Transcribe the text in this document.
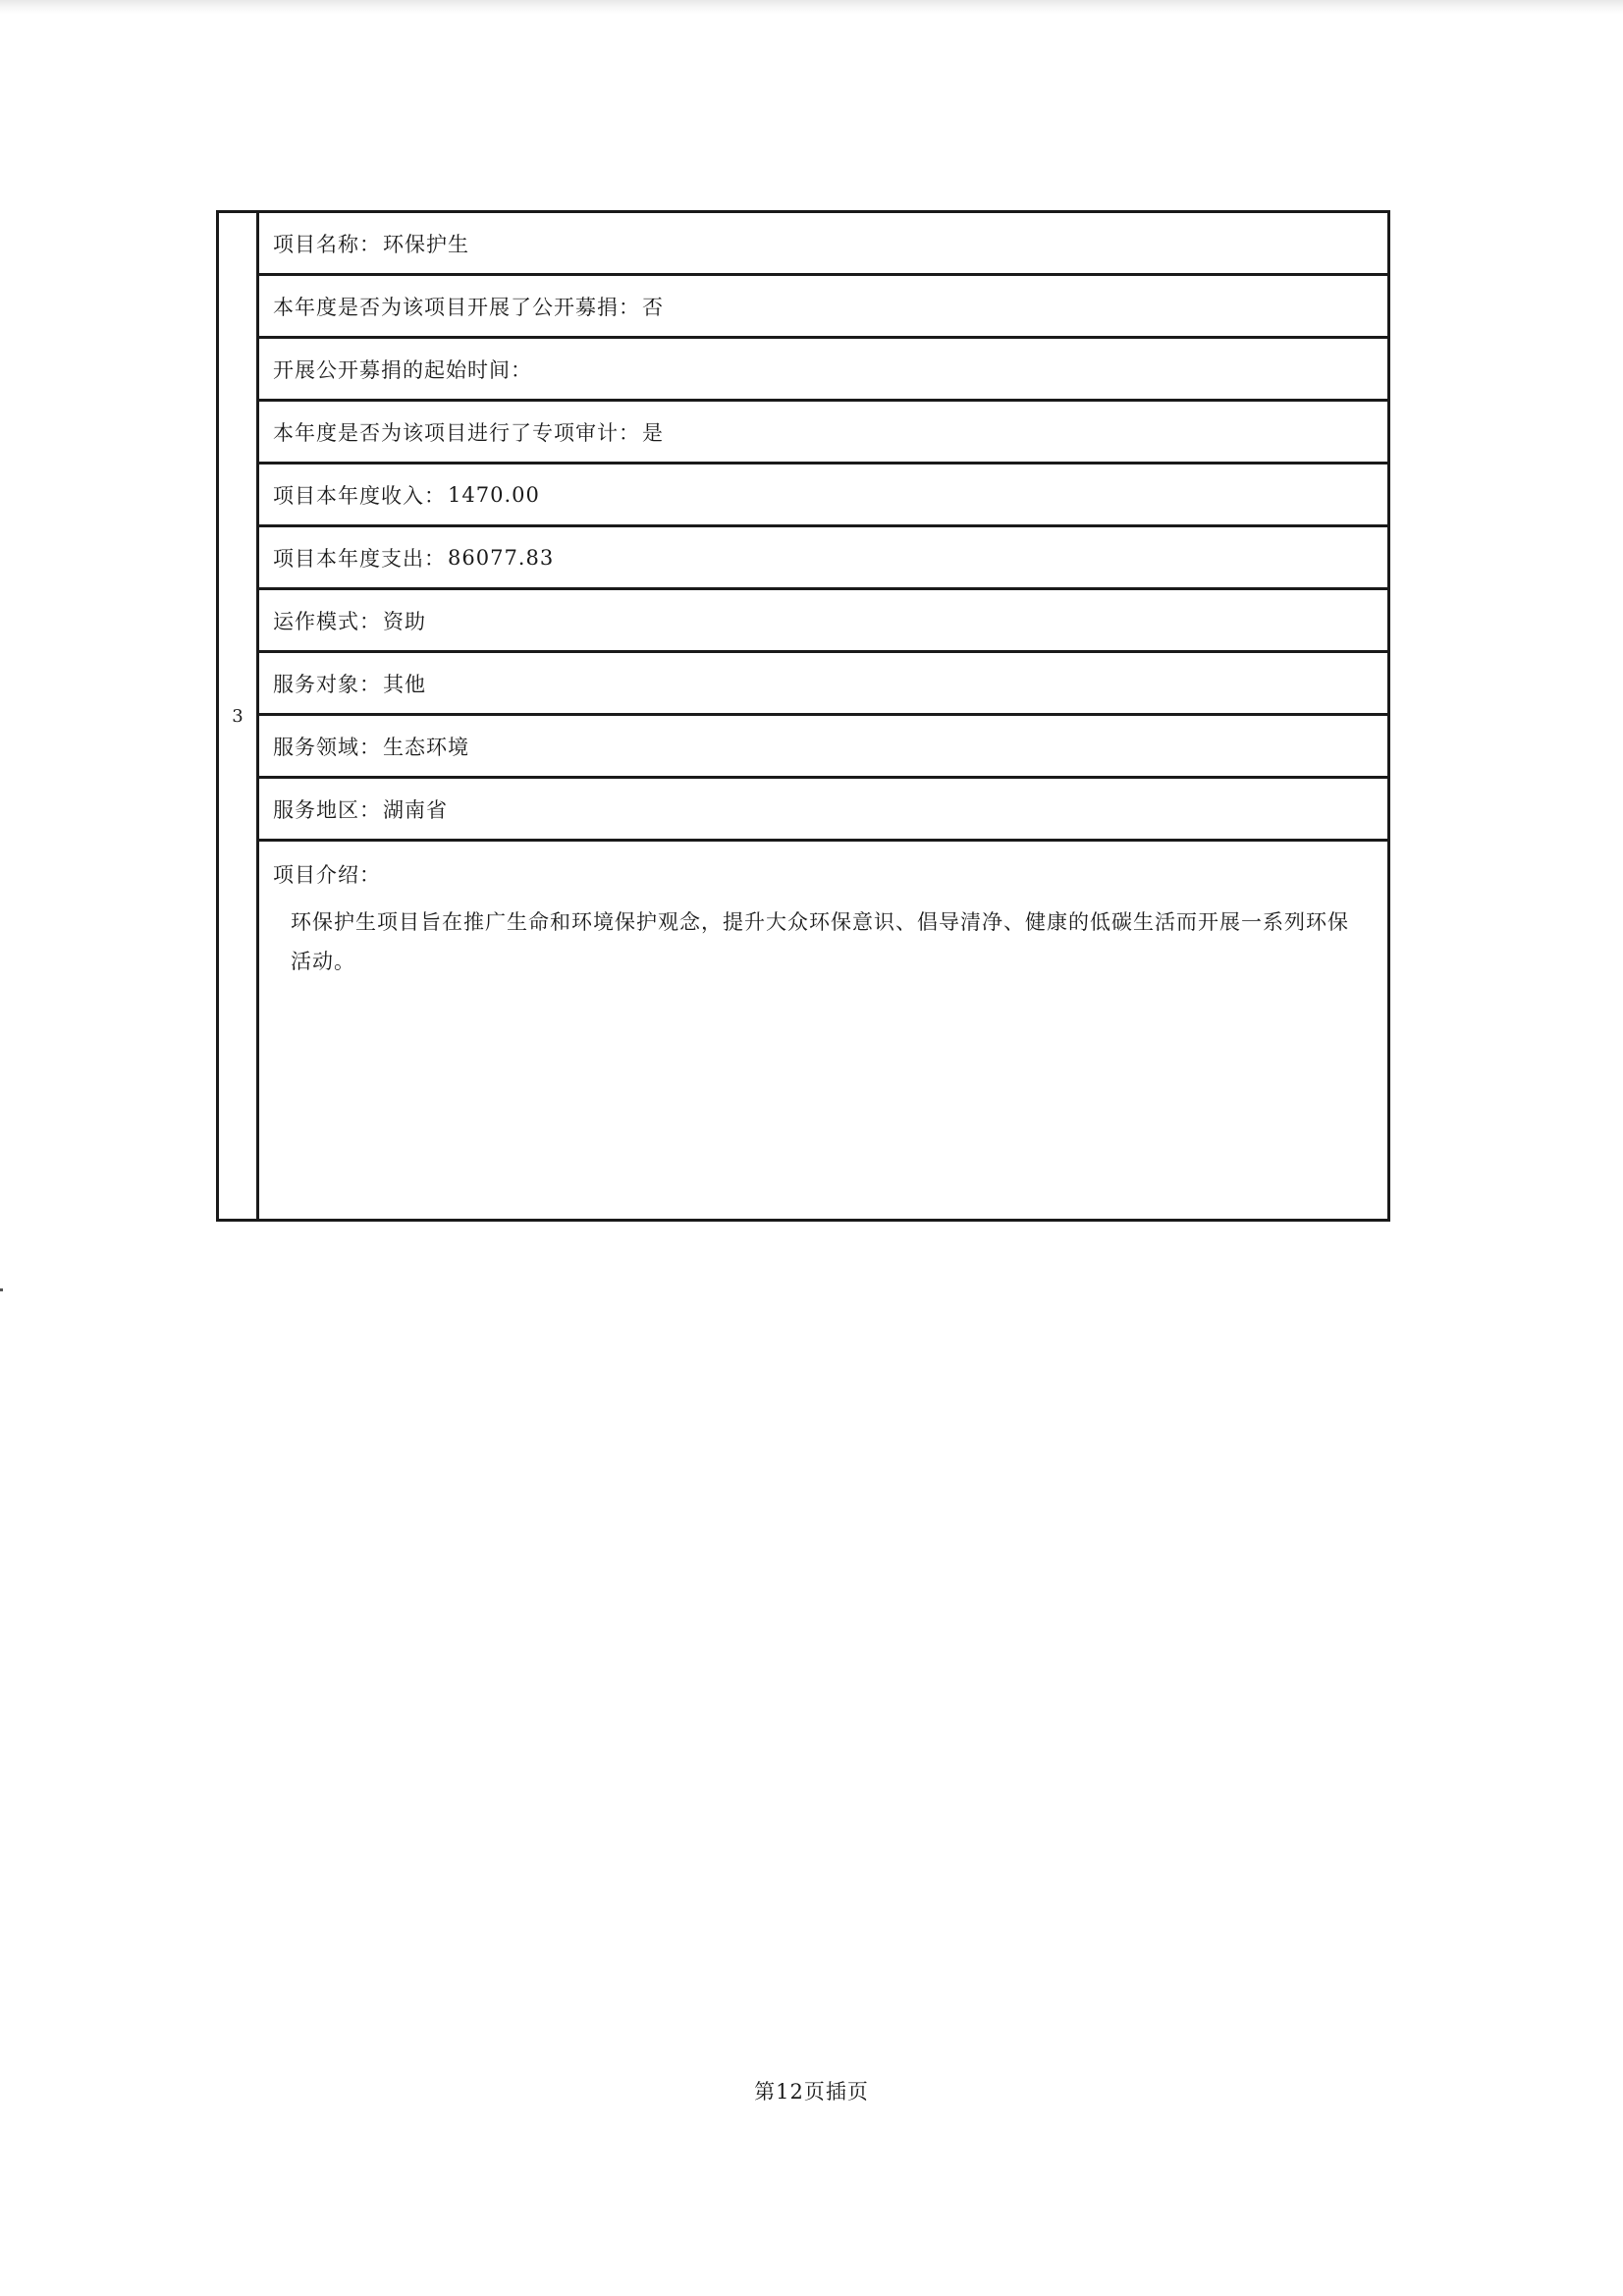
3
项目名称： 环保护生
本年度是否为该项目开展了公开募捐： 否
开展公开募捐的起始时间：
本年度是否为该项目进行了专项审计： 是
项目本年度收入： 1470.00
项目本年度支出： 86077.83
运作模式： 资助
服务对象： 其他
服务领域： 生态环境
服务地区： 湖南省
项目介绍：
环保护生项目旨在推广生命和环境保护观念，提升大众环保意识、倡导清净、健康的低碳生活而开展一系列环保活动。
第12页插页
